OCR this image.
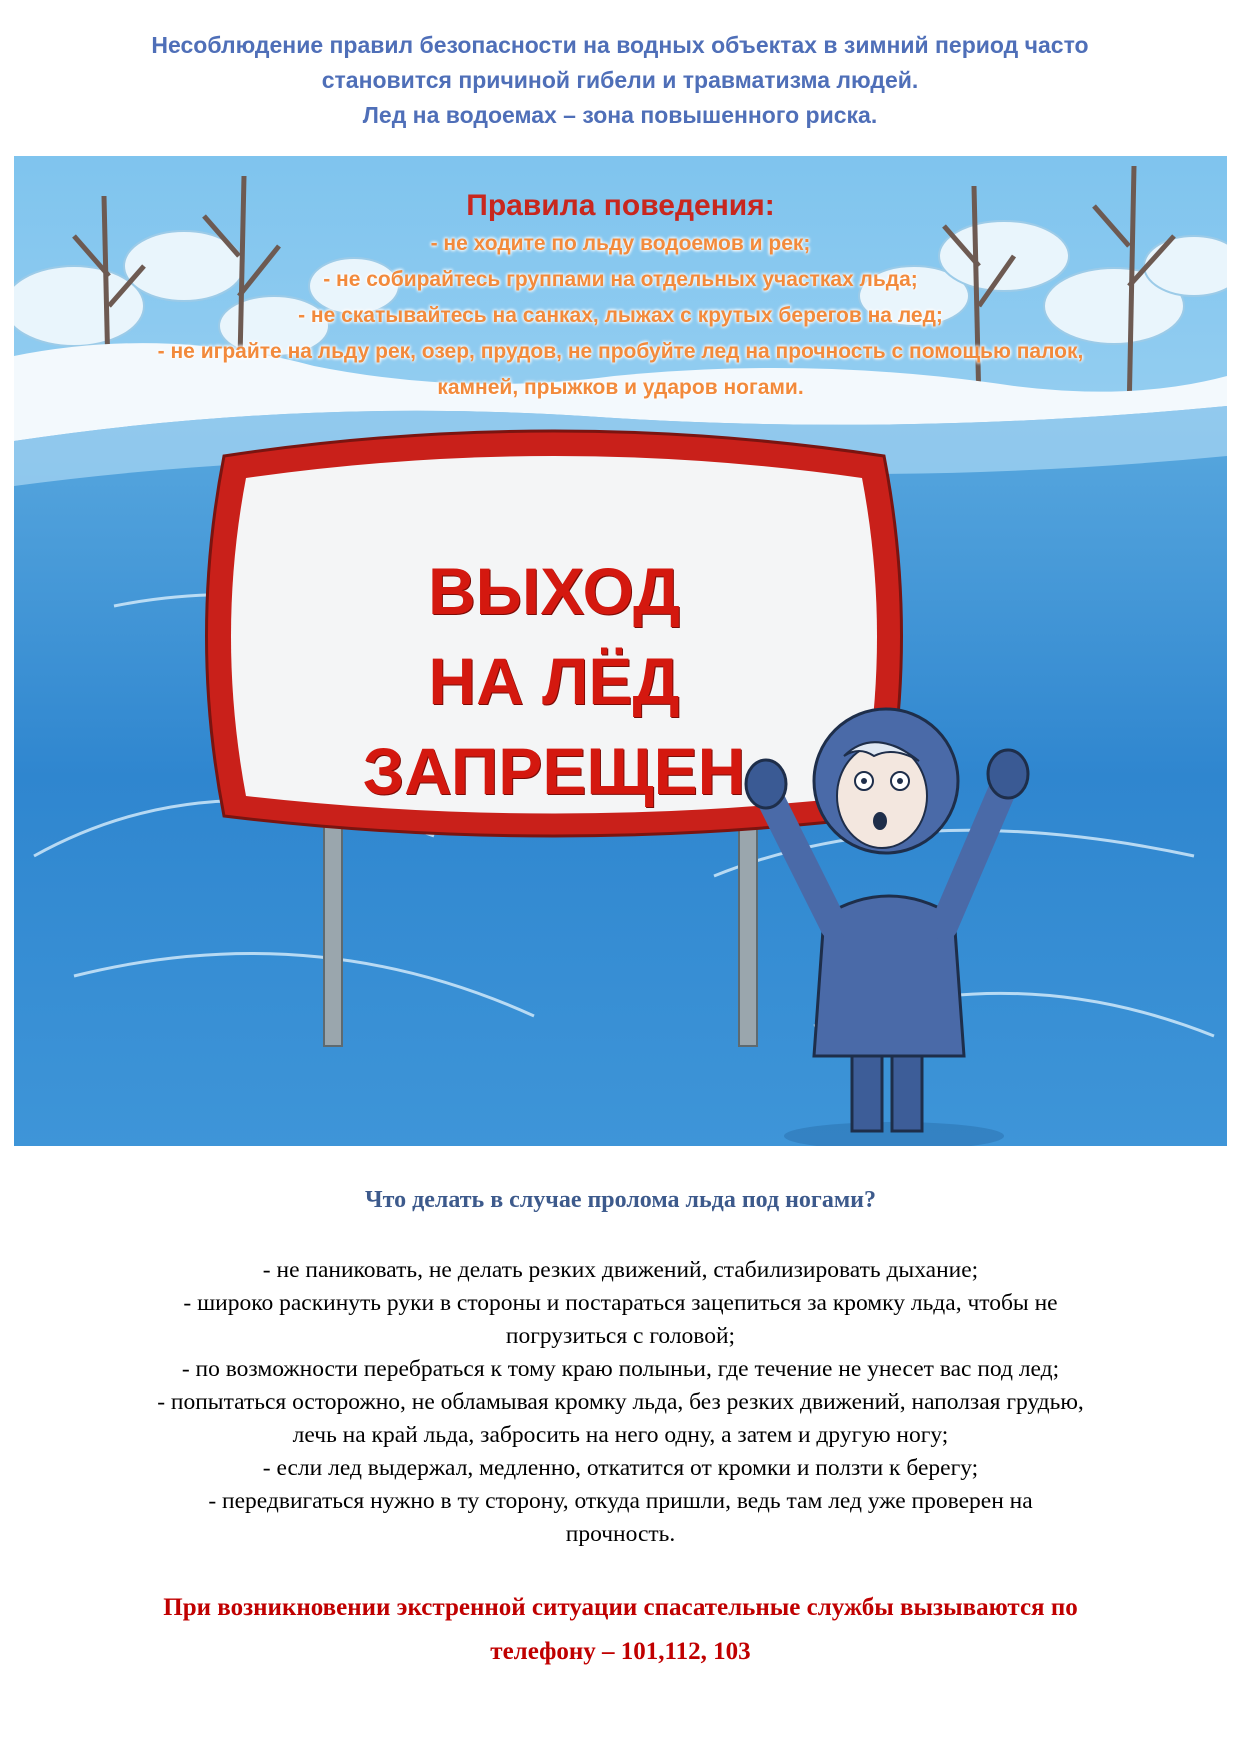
Несоблюдение правил безопасности на водных объектах в зимний период часто
становится причиной гибели и травматизма людей.
Лед на водоемах – зона повышенного риска.
Правила поведения:
- не ходите по льду водоемов и рек;
- не собирайтесь группами на отдельных участках льда;
- не скатывайтесь на санках, лыжах с крутых берегов на лед;
- не играйте на льду рек, озер, прудов, не пробуйте лед на прочность с помощью палок,
камней, прыжков и ударов ногами.
ВЫХОД
НА ЛЁД
ЗАПРЕЩЕН
Что делать в случае пролома льда под ногами?
- не паниковать, не делать резких движений, стабилизировать дыхание;
- широко раскинуть руки в стороны и постараться зацепиться за кромку льда, чтобы не
погрузиться с головой;
- по возможности перебраться к тому краю полыньи, где течение не унесет вас под лед;
- попытаться осторожно, не обламывая кромку льда, без резких движений, наползая грудью,
лечь на край льда, забросить на него одну, а затем и другую ногу;
- если лед выдержал, медленно, откатится от кромки и ползти к берегу;
- передвигаться нужно в ту сторону, откуда пришли, ведь там лед уже проверен на
прочность.
При возникновении экстренной ситуации спасательные службы вызываются по
телефону – 101,112, 103
